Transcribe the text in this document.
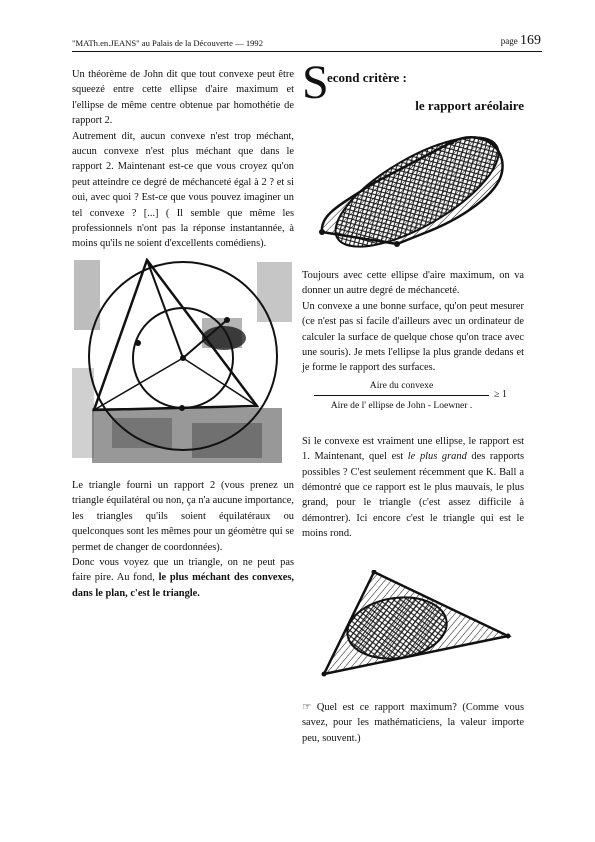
"MATh.en.JEANS" au Palais de la Découverte — 1992	page 169

Un théorème de John dit que tout convexe peut être squeezé entre cette ellipse d'aire maximum et l'ellipse de même centre obtenue par homothétie de rapport 2.

Autrement dit, aucun convexe n'est trop méchant, aucun convexe n'est plus méchant que dans le rapport 2. Maintenant est-ce que vous croyez qu'on peut atteindre ce degré de méchanceté égal à 2 ? et si oui, avec quoi ? Est-ce que vous pouvez imaginer un tel convexe ? [...] ( Il semble que même les professionnels n'ont pas la réponse instantannée, à moins qu'ils ne soient d'excellents comédiens).

Le triangle fourni un rapport 2 (vous prenez un triangle équilatéral ou non, ça n'a aucune importance, les triangles qu'ils soient équilatéraux ou quelconques sont les mêmes pour un géomètre qui se permet de changer de coordonnées).

Donc vous voyez que un triangle, on ne peut pas faire pire. Au fond, le plus méchant des convexes, dans le plan, c'est le triangle.

S
econd critère :
le rapport aréolaire

Toujours avec cette ellipse d'aire maximum, on va donner un autre degré de méchanceté.

Un convexe a une bonne surface, qu'on peut mesurer (ce n'est pas si facile d'ailleurs avec un ordinateur de calculer la surface de quelque chose qu'on trace avec une souris). Je mets l'ellipse la plus grande dedans et je forme le rapport des surfaces.

Aire du convexe
Aire de l' ellipse de John - Loewner .
≥ 1

Si le convexe est vraiment une ellipse, le rapport est 1. Maintenant, quel est le plus grand des rapports possibles ? C'est seulement récemment que K. Ball a démontré que ce rapport est le plus mauvais, le plus grand, pour le triangle (c'est assez difficile à démontrer). Ici encore c'est le triangle qui est le moins rond.

☞ Quel est ce rapport maximum? (Comme vous savez, pour les mathématiciens, la valeur importe peu, souvent.)
